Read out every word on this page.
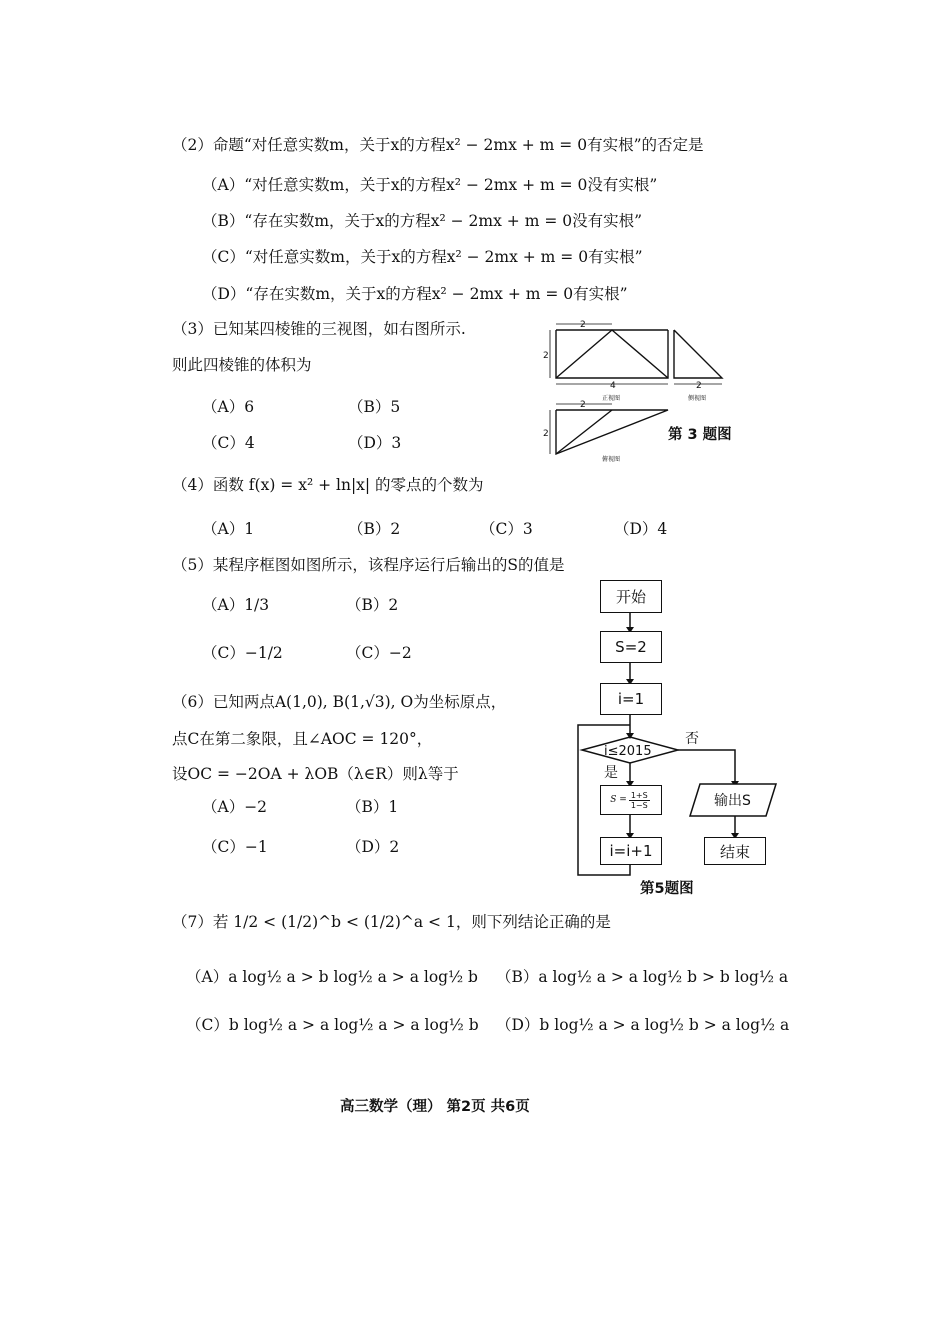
（2）命题“对任意实数m，关于x的方程x² − 2mx + m = 0有实根”的否定是
（A）“对任意实数m，关于x的方程x² − 2mx + m = 0没有实根”
（B）“存在实数m，关于x的方程x² − 2mx + m = 0没有实根”
（C）“对任意实数m，关于x的方程x² − 2mx + m = 0有实根”
（D）“存在实数m，关于x的方程x² − 2mx + m = 0有实根”
（3）已知某四棱锥的三视图，如右图所示.
则此四棱锥的体积为
（A）6	（B）5
（C）4	（D）3
2
2
4	2
2
2
正视图	侧视图
俯视图
第 3 题图
（4）函数 f(x) = x² + ln|x| 的零点的个数为
（A）1	（B）2	（C）3	（D）4
（5）某程序框图如图所示，该程序运行后输出的S的值是
（A）1/3	（B）2
（C）−1/2	（C）−2
i≤2015
否
是
开始
S=2
i=1
$S = \frac{1+S}{1-S}$
i=i+1
输出S
结束
第5题图
（6）已知两点A(1,0), B(1,√3), O为坐标原点，
点C在第二象限，且∠AOC = 120°，
设OC = −2OA + λOB（λ∈R）则λ等于
（A）−2	（B）1
（C）−1	（D）2
（7）若 1/2 < (1/2)^b < (1/2)^a < 1，则下列结论正确的是
（A）a log½ a > b log½ a > a log½ b （B）a log½ a > a log½ b > b log½ a
（C）b log½ a > a log½ a > a log½ b （D）b log½ a > a log½ b > a log½ a
高三数学（理） 第2页 共6页
